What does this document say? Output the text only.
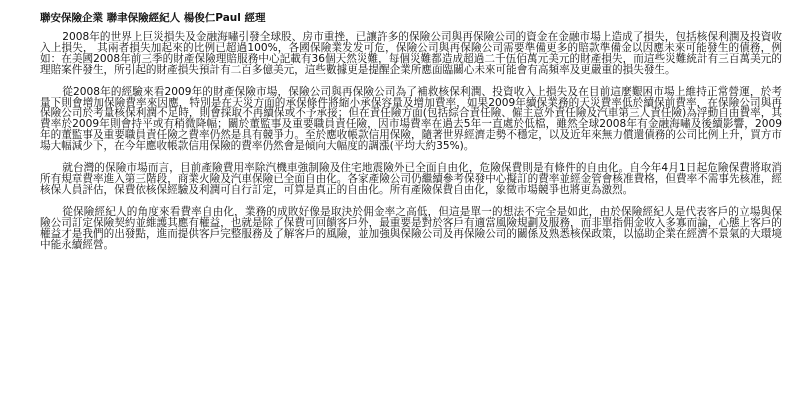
聯安保險企業 聯聿保險經紀人 楊俊仁Paul 經理

2008年的世界上巨災損失及金融海嘯引發全球股、房市重挫，已讓許多的保險公司與再保險公司的資金在金融市場上造成了損失，包括核保利潤及投資收入上損失， 其兩者損失加起來的比例已超過100%，各國保險業发发可危，保險公司與再保險公司需要準備更多的賠款準備金以因應未來可能發生的債務，例如：在美國2008年前三季的財產保險理賠服務中心記載有36個天然災難，每個災難都造成超過二千伍佰萬元美元的財產損失，而這些災難統計有三百萬美元的理賠案件發生，所引起的財產損失預計有二百多億美元，這些數據更是提醒企業所應面臨關心未來可能會有高頻率及更嚴重的損失發生。

從2008年的經驗來看2009年的財產保險市場，保險公司與再保險公司為了補救核保利潤、投資收入上損失及在目前這麼艱困市場上維持正常營運，於考量下則會增加保險費率來因應，特別是在天災方面的承保條件將縮小承保容量及增加費率，如果2009年續保業務的天災費率低於續保前費率，在保險公司與再保險公司於考量核保利潤不足時，則會採取不再續保或不予承接；但在責任險方面(包括綜合責任險、僱主意外責任險及汽車第三人責任險)為浮動自由費率，其費率於2009年則會持平或有稍微降幅；關於董監事及重要職員責任險，因市場費率在過去5年一直處於低檔，雖然全球2008年有金融海嘯及後續影響，2009年的董監事及重要職員責任險之費率仍然是具有競爭力。至於應收帳款信用保險，隨著世界經濟走勢不穩定，以及近年來無力償還債務的公司比例上升，買方市場大幅減少下，在今年應收帳款信用保險的費率仍然會是傾向大幅度的調漲(平均大約35%)。

就台灣的保險市場而言，目前產險費用率除汽機車強制險及住宅地震險外已全面自由化，危險保費則是有條件的自由化。自今年4月1日起危險保費將取消所有規章費率進入第三階段，商業火險及汽車保險已全面自由化。各家產險公司仍繼續參考保發中心擬訂的費率並經金管會核准費格，但費率不需事先核准，經核保人員評估，保費依核保經驗及利潤可自行訂定，可算是真正的自由化。所有產險保費自由化，象徵市場競爭也將更為激烈。

從保險經紀人的角度來看費率自由化，業務的成敗好像是取決於佣金率之高低，但這是單一的想法不完全是如此，由於保險經紀人是代表客戶的立場與保險公司訂定保險契約並維護其應有權益，也就是除了保費可回饋客戶外，最重要是對於客戶有適當風險規劃及服務，而非單指佣金收入多寡而論，心態上客戶的權益才是我們的出發點，進而提供客戶完整服務及了解客戶的風險，並加強與保險公司及再保險公司的關係及熟悉核保政策，以協助企業在經濟不景氣的大環境中能永續經營。
